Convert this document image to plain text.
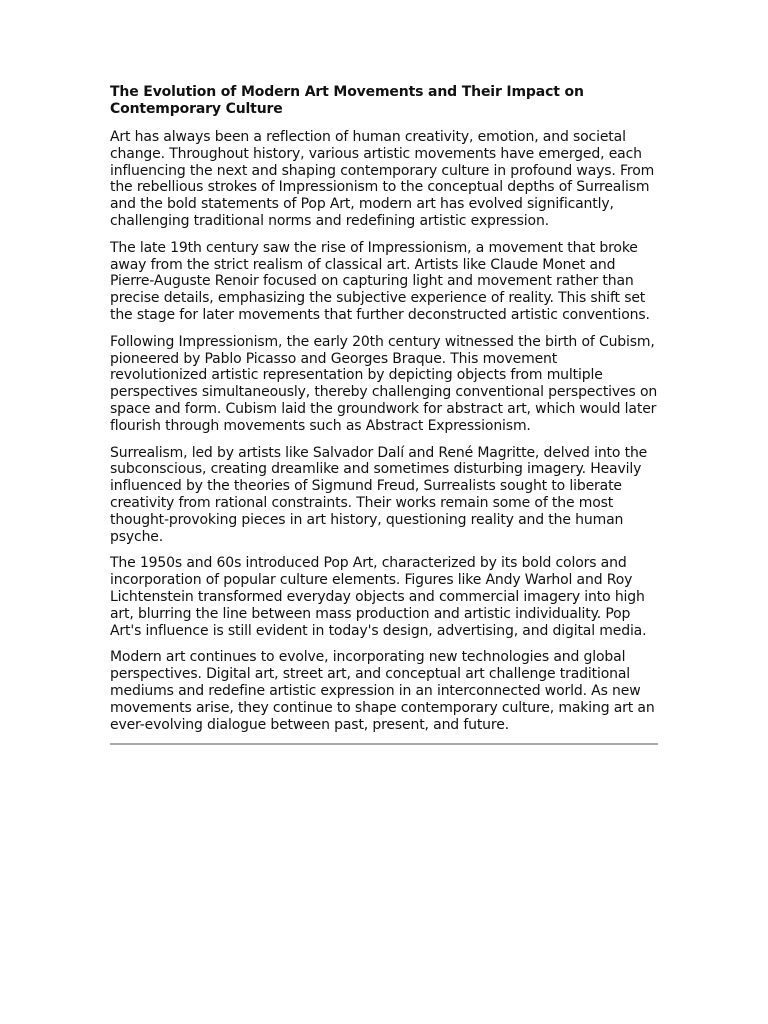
The Evolution of Modern Art Movements and Their Impact on Contemporary Culture

Art has always been a reflection of human creativity, emotion, and societal change. Throughout history, various artistic movements have emerged, each influencing the next and shaping contemporary culture in profound ways. From the rebellious strokes of Impressionism to the conceptual depths of Surrealism and the bold statements of Pop Art, modern art has evolved significantly, challenging traditional norms and redefining artistic expression.

The late 19th century saw the rise of Impressionism, a movement that broke away from the strict realism of classical art. Artists like Claude Monet and Pierre-Auguste Renoir focused on capturing light and movement rather than precise details, emphasizing the subjective experience of reality. This shift set the stage for later movements that further deconstructed artistic conventions.

Following Impressionism, the early 20th century witnessed the birth of Cubism, pioneered by Pablo Picasso and Georges Braque. This movement revolutionized artistic representation by depicting objects from multiple perspectives simultaneously, thereby challenging conventional perspectives on space and form. Cubism laid the groundwork for abstract art, which would later flourish through movements such as Abstract Expressionism.

Surrealism, led by artists like Salvador Dalí and René Magritte, delved into the subconscious, creating dreamlike and sometimes disturbing imagery. Heavily influenced by the theories of Sigmund Freud, Surrealists sought to liberate creativity from rational constraints. Their works remain some of the most thought-provoking pieces in art history, questioning reality and the human psyche.

The 1950s and 60s introduced Pop Art, characterized by its bold colors and incorporation of popular culture elements. Figures like Andy Warhol and Roy Lichtenstein transformed everyday objects and commercial imagery into high art, blurring the line between mass production and artistic individuality. Pop Art's influence is still evident in today's design, advertising, and digital media.

Modern art continues to evolve, incorporating new technologies and global perspectives. Digital art, street art, and conceptual art challenge traditional mediums and redefine artistic expression in an interconnected world. As new movements arise, they continue to shape contemporary culture, making art an ever-evolving dialogue between past, present, and future.
